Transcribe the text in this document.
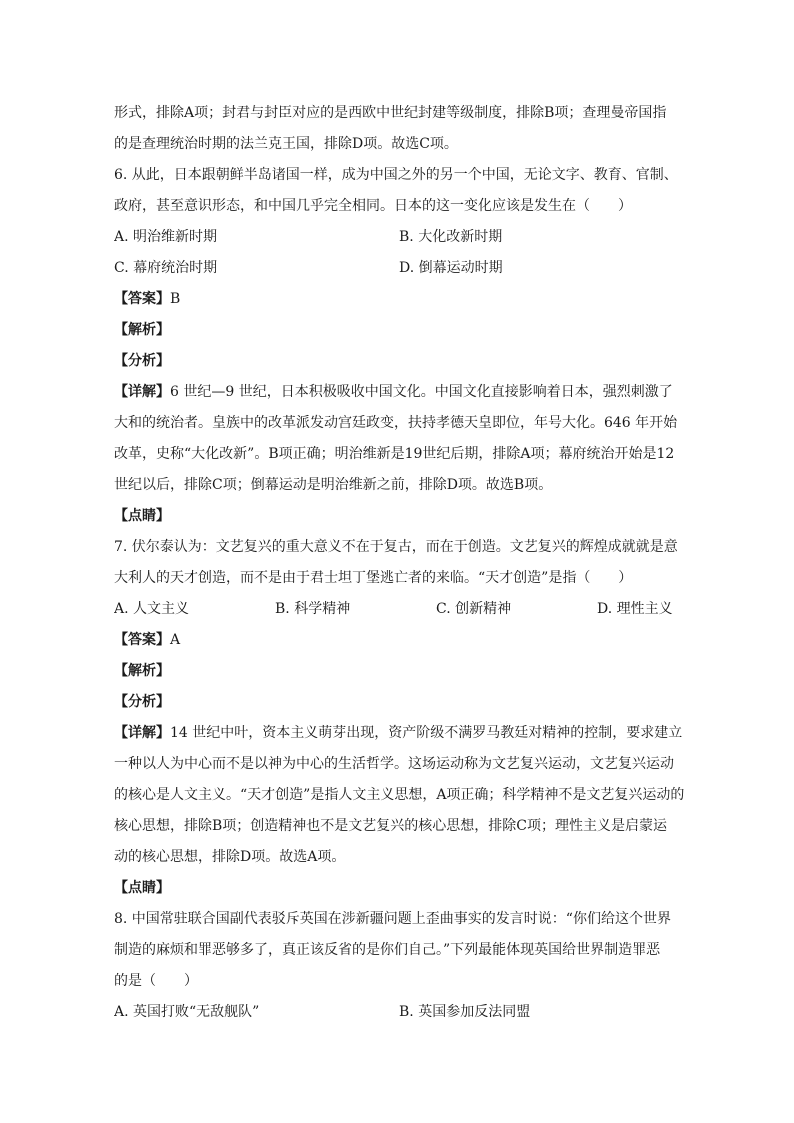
形式，排除A项；封君与封臣对应的是西欧中世纪封建等级制度，排除B项；查理曼帝国指
的是查理统治时期的法兰克王国，排除D项。故选C项。
6. 从此，日本跟朝鲜半岛诸国一样，成为中国之外的另一个中国，无论文字、教育、官制、
政府，甚至意识形态，和中国几乎完全相同。日本的这一变化应该是发生在（　　）
A. 明治维新时期	B. 大化改新时期
C. 幕府统治时期	D. 倒幕运动时期
【答案】B
【解析】
【分析】
【详解】6 世纪—9 世纪，日本积极吸收中国文化。中国文化直接影响着日本，强烈刺激了
大和的统治者。皇族中的改革派发动宫廷政变，扶持孝德天皇即位，年号大化。646 年开始
改革，史称“大化改新”。B项正确；明治维新是19世纪后期，排除A项；幕府统治开始是12
世纪以后，排除C项；倒幕运动是明治维新之前，排除D项。故选B项。
【点睛】
7. 伏尔泰认为：文艺复兴的重大意义不在于复古，而在于创造。文艺复兴的辉煌成就就是意
大利人的天才创造，而不是由于君士坦丁堡逃亡者的来临。“天才创造”是指（　　）
A. 人文主义	B. 科学精神	C. 创新精神	D. 理性主义
【答案】A
【解析】
【分析】
【详解】14 世纪中叶，资本主义萌芽出现，资产阶级不满罗马教廷对精神的控制，要求建立
一种以人为中心而不是以神为中心的生活哲学。这场运动称为文艺复兴运动，文艺复兴运动
的核心是人文主义。“天才创造”是指人文主义思想，A项正确；科学精神不是文艺复兴运动的
核心思想，排除B项；创造精神也不是文艺复兴的核心思想，排除C项；理性主义是启蒙运
动的核心思想，排除D项。故选A项。
【点睛】
8. 中国常驻联合国副代表驳斥英国在涉新疆问题上歪曲事实的发言时说：“你们给这个世界
制造的麻烦和罪恶够多了，真正该反省的是你们自己。”下列最能体现英国给世界制造罪恶
的是（　　）
A. 英国打败“无敌舰队”	B. 英国参加反法同盟
